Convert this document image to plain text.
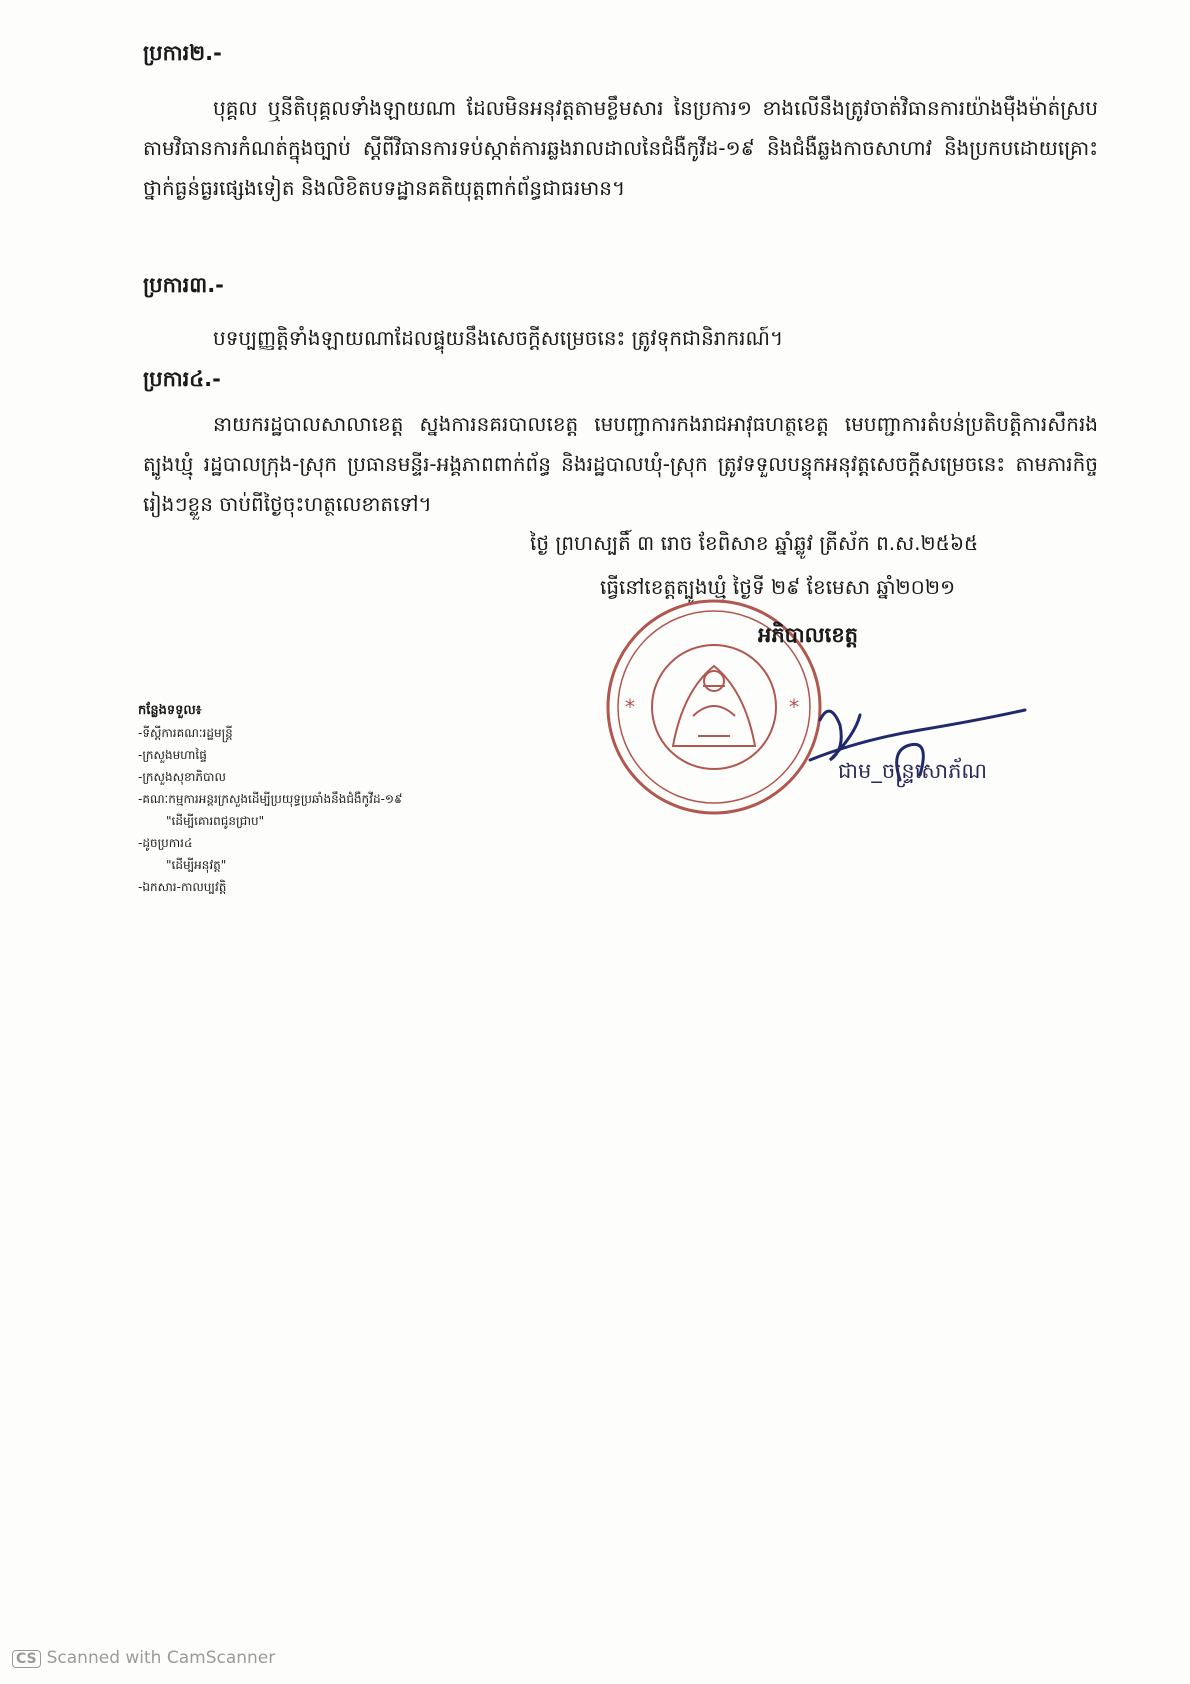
ប្រការ២.-
បុគ្គល ឬនីតិបុគ្គលទាំងឡាយណា ដែលមិនអនុវត្តតាមខ្លឹមសារ នៃប្រការ១ ខាងលើនឹងត្រូវចាត់វិធានការយ៉ាងម៉ឺងម៉ាត់ស្របតាមវិធានការកំណត់ក្នុងច្បាប់ ស្ដីពីវិធានការទប់ស្កាត់ការឆ្លងរាលដាលនៃជំងឺកូវីដ-១៩ និងជំងឺឆ្លងកាចសាហាវ និងប្រកបដោយគ្រោះថ្នាក់ធ្ងន់ធ្ងរផ្សេងទៀត និងលិខិតបទដ្ឋានគតិយុត្តពាក់ព័ន្ធជាធរមាន។
ប្រការ៣.-
បទប្បញ្ញត្តិទាំងឡាយណាដែលផ្ទុយនឹងសេចក្ដីសម្រេចនេះ ត្រូវទុកជានិរាករណ៍។
ប្រការ៤.-
នាយករដ្ឋបាលសាលាខេត្ត ស្នងការនគរបាលខេត្ត មេបញ្ជាការកងរាជអាវុធហត្ថខេត្ត មេបញ្ជាការតំបន់ប្រតិបត្តិការសឹករងត្បូងឃ្មុំ រដ្ឋបាលក្រុង-ស្រុក ប្រធានមន្ទីរ-អង្គភាពពាក់ព័ន្ធ និងរដ្ឋបាលឃុំ-ស្រុក ត្រូវទទួលបន្ទុកអនុវត្តសេចក្ដីសម្រេចនេះ តាមភារកិច្ចរៀងៗខ្លួន ចាប់ពីថ្ងៃចុះហត្ថលេខាតទៅ។
ថ្ងៃ ព្រហស្បតិ៍ ៣ រោច ខែពិសាខ ឆ្នាំឆ្លូវ ត្រីស័ក ព.ស.២៥៦៥
ធ្វើនៅខេត្តត្បូងឃ្មុំ ថ្ងៃទី ២៩ ខែមេសា ឆ្នាំ២០២១
*	*
អភិបាលខេត្ត
ជាម_ចន្ទ្រសោភ័ណ
កន្លែងទទួល៖
-ទីស្ដីការគណៈរដ្ឋមន្ត្រី
-ក្រសួងមហាផ្ទៃ
-ក្រសួងសុខាភិបាល
-គណៈកម្មការអន្តរក្រសួងដើម្បីប្រយុទ្ធប្រឆាំងនឹងជំងឺកូវីដ-១៩
"ដើម្បីគោរពជូនជ្រាប"
-ដូចប្រការ៤
"ដើម្បីអនុវត្ត"
-ឯកសារ-កាលប្បវត្តិ
CS Scanned with CamScanner
